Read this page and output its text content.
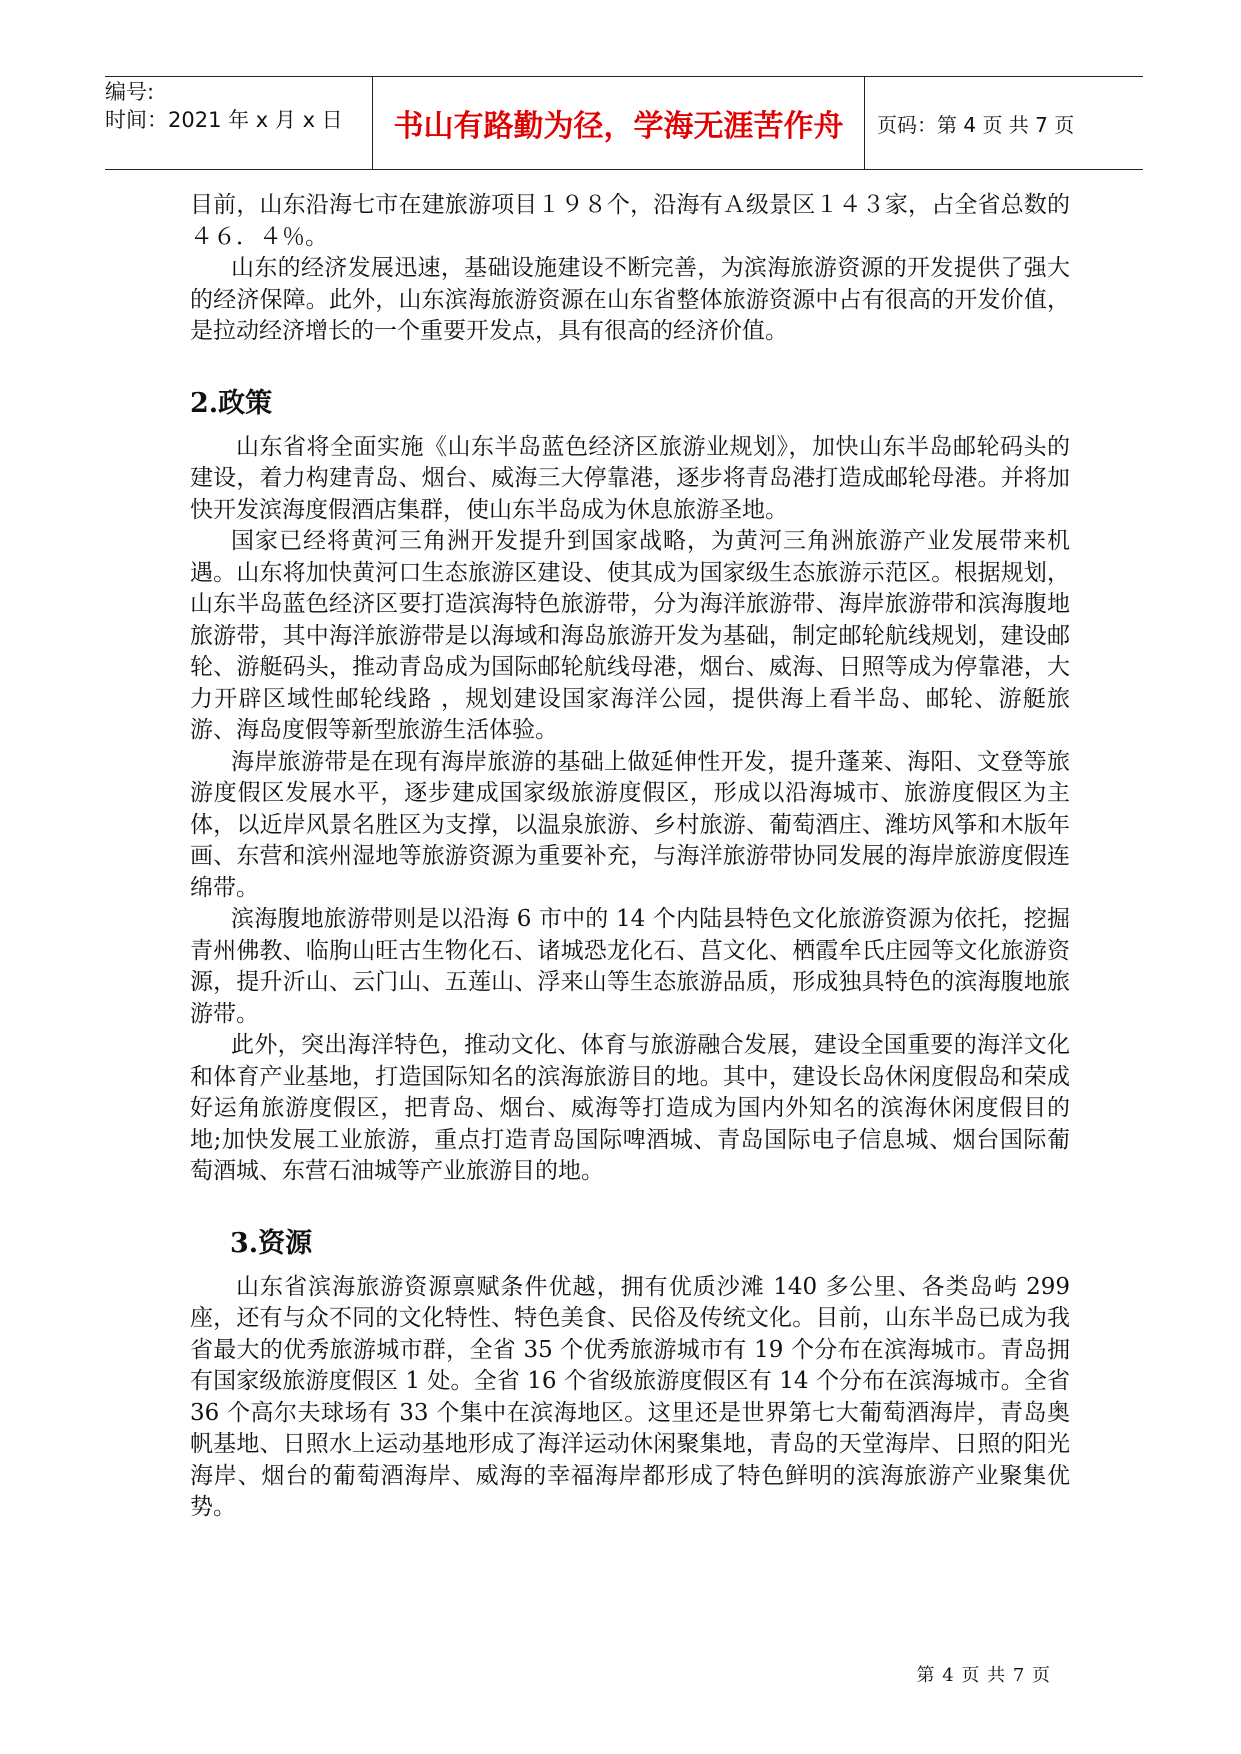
编号:
时间：2021 年 x 月 x 日	书山有路勤为径，学海无涯苦作舟	页码：第 4 页 共 7 页

目前，山东沿海七市在建旅游项目１９８个，沿海有Ａ级景区１４３家，占全省总数的４６．４％。

山东的经济发展迅速，基础设施建设不断完善，为滨海旅游资源的开发提供了强大的经济保障。此外，山东滨海旅游资源在山东省整体旅游资源中占有很高的开发价值，是拉动经济增长的一个重要开发点，具有很高的经济价值。

2.政策

山东省将全面实施《山东半岛蓝色经济区旅游业规划》，加快山东半岛邮轮码头的建设，着力构建青岛、烟台、威海三大停靠港，逐步将青岛港打造成邮轮母港。并将加快开发滨海度假酒店集群，使山东半岛成为休息旅游圣地。

国家已经将黄河三角洲开发提升到国家战略，为黄河三角洲旅游产业发展带来机遇。山东将加快黄河口生态旅游区建设、使其成为国家级生态旅游示范区。根据规划，山东半岛蓝色经济区要打造滨海特色旅游带，分为海洋旅游带、海岸旅游带和滨海腹地旅游带，其中海洋旅游带是以海域和海岛旅游开发为基础，制定邮轮航线规划，建设邮轮、游艇码头，推动青岛成为国际邮轮航线母港，烟台、威海、日照等成为停靠港，大力开辟区域性邮轮线路 ，规划建设国家海洋公园，提供海上看半岛、邮轮、游艇旅游、海岛度假等新型旅游生活体验。

海岸旅游带是在现有海岸旅游的基础上做延伸性开发，提升蓬莱、海阳、文登等旅游度假区发展水平，逐步建成国家级旅游度假区，形成以沿海城市、旅游度假区为主体，以近岸风景名胜区为支撑，以温泉旅游、乡村旅游、葡萄酒庄、潍坊风筝和木版年画、东营和滨州湿地等旅游资源为重要补充，与海洋旅游带协同发展的海岸旅游度假连绵带。

滨海腹地旅游带则是以沿海 6 市中的 14 个内陆县特色文化旅游资源为依托，挖掘青州佛教、临朐山旺古生物化石、诸城恐龙化石、莒文化、栖霞牟氏庄园等文化旅游资源，提升沂山、云门山、五莲山、浮来山等生态旅游品质，形成独具特色的滨海腹地旅游带。

此外，突出海洋特色，推动文化、体育与旅游融合发展，建设全国重要的海洋文化和体育产业基地，打造国际知名的滨海旅游目的地。其中，建设长岛休闲度假岛和荣成好运角旅游度假区，把青岛、烟台、威海等打造成为国内外知名的滨海休闲度假目的地;加快发展工业旅游，重点打造青岛国际啤酒城、青岛国际电子信息城、烟台国际葡萄酒城、东营石油城等产业旅游目的地。

3.资源

山东省滨海旅游资源禀赋条件优越，拥有优质沙滩 140 多公里、各类岛屿 299 座，还有与众不同的文化特性、特色美食、民俗及传统文化。目前，山东半岛已成为我省最大的优秀旅游城市群，全省 35 个优秀旅游城市有 19 个分布在滨海城市。青岛拥有国家级旅游度假区 1 处。全省 16 个省级旅游度假区有 14 个分布在滨海城市。全省 36 个高尔夫球场有 33 个集中在滨海地区。这里还是世界第七大葡萄酒海岸，青岛奥帆基地、日照水上运动基地形成了海洋运动休闲聚集地，青岛的天堂海岸、日照的阳光海岸、烟台的葡萄酒海岸、威海的幸福海岸都形成了特色鲜明的滨海旅游产业聚集优势。

第 4 页 共 7 页
